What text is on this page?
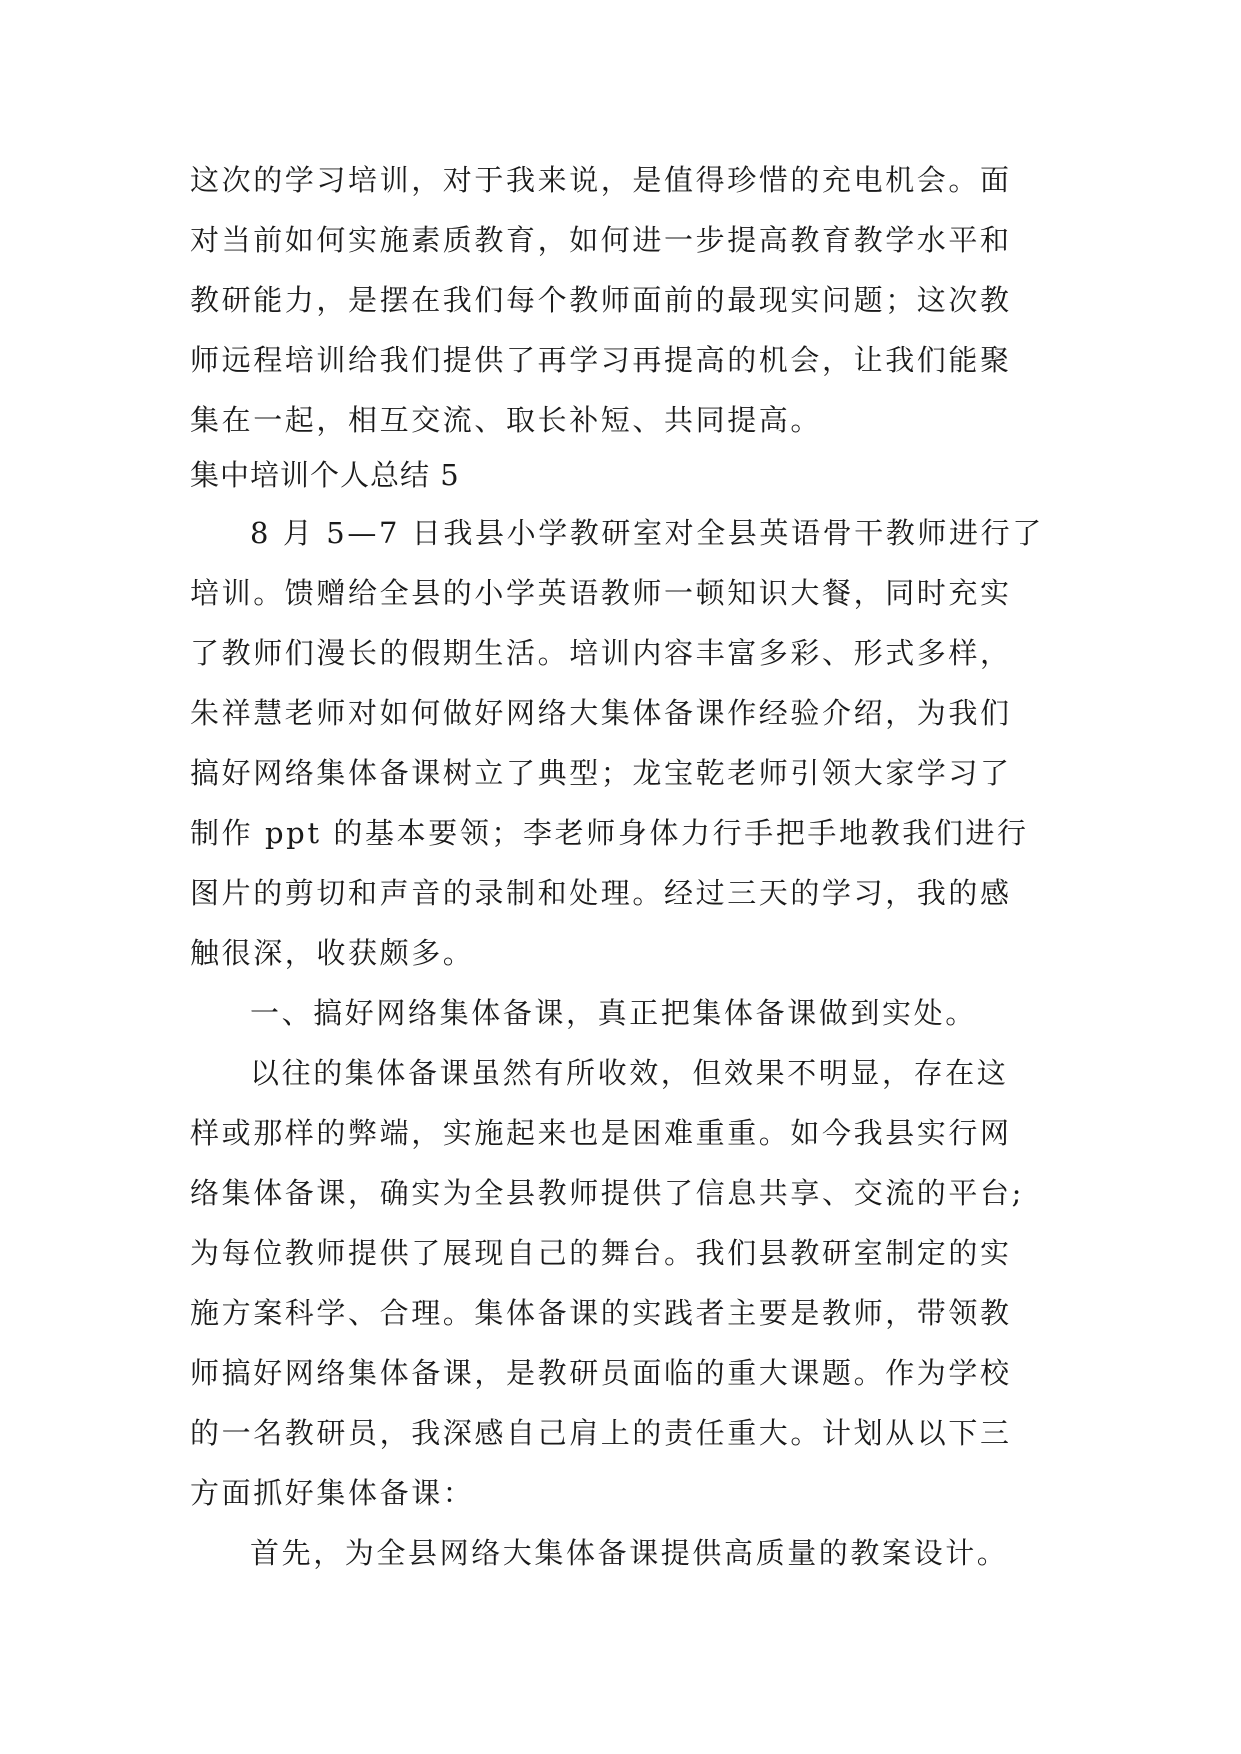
这次的学习培训，对于我来说，是值得珍惜的充电机会。面
对当前如何实施素质教育，如何进一步提高教育教学水平和
教研能力，是摆在我们每个教师面前的最现实问题；这次教
师远程培训给我们提供了再学习再提高的机会，让我们能聚
集在一起，相互交流、取长补短、共同提高。
集中培训个人总结 5
8 月 5—7 日我县小学教研室对全县英语骨干教师进行了
培训。馈赠给全县的小学英语教师一顿知识大餐，同时充实
了教师们漫长的假期生活。培训内容丰富多彩、形式多样，
朱祥慧老师对如何做好网络大集体备课作经验介绍，为我们
搞好网络集体备课树立了典型；龙宝乾老师引领大家学习了
制作 ppt 的基本要领；李老师身体力行手把手地教我们进行
图片的剪切和声音的录制和处理。经过三天的学习，我的感
触很深，收获颇多。
一、搞好网络集体备课，真正把集体备课做到实处。
以往的集体备课虽然有所收效，但效果不明显，存在这
样或那样的弊端，实施起来也是困难重重。如今我县实行网
络集体备课，确实为全县教师提供了信息共享、交流的平台;
为每位教师提供了展现自己的舞台。我们县教研室制定的实
施方案科学、合理。集体备课的实践者主要是教师，带领教
师搞好网络集体备课，是教研员面临的重大课题。作为学校
的一名教研员，我深感自己肩上的责任重大。计划从以下三
方面抓好集体备课：
首先，为全县网络大集体备课提供高质量的教案设计。
